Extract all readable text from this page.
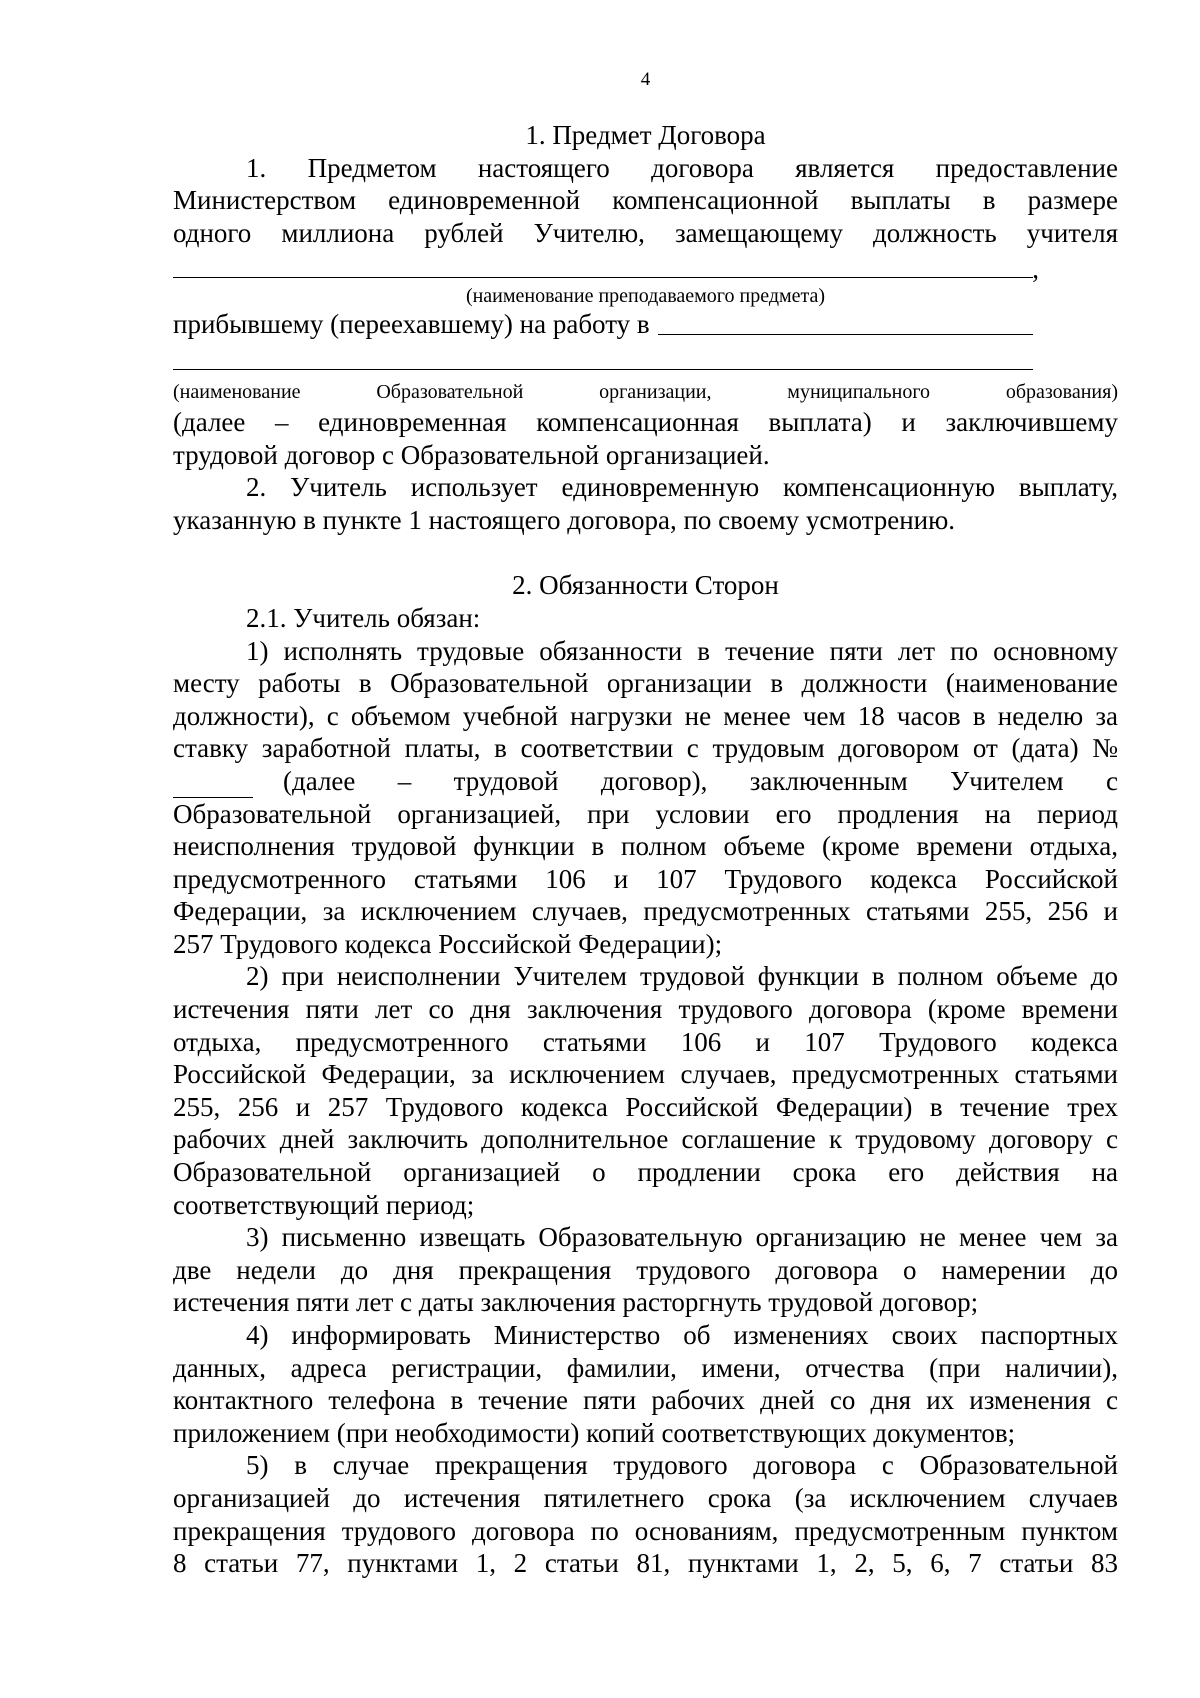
4

1. Предмет Договора

1. Предметом настоящего договора является предоставление

Министерством единовременной компенсационной выплаты в размере

одного миллиона рублей Учителю, замещающему должность учителя

,

(наименование преподаваемого предмета)

прибывшему (переехавшему) на работу в

(наименование Образовательной организации, муниципального образования)

(далее – единовременная компенсационная выплата) и заключившему

трудовой договор с Образовательной организацией.

2. Учитель использует единовременную компенсационную выплату,

указанную в пункте 1 настоящего договора, по своему усмотрению.

2. Обязанности Сторон

2.1. Учитель обязан:

1) исполнять трудовые обязанности в течение пяти лет по основному

месту работы в Образовательной организации в должности (наименование

должности), с объемом учебной нагрузки не менее чем 18 часов в неделю за

ставку заработной платы, в соответствии с трудовым договором от (дата) №

(далее – трудовой договор), заключенным Учителем с

Образовательной организацией, при условии его продления на период

неисполнения трудовой функции в полном объеме (кроме времени отдыха,

предусмотренного статьями 106 и 107 Трудового кодекса Российской

Федерации, за исключением случаев, предусмотренных статьями 255, 256 и

257 Трудового кодекса Российской Федерации);

2) при неисполнении Учителем трудовой функции в полном объеме до

истечения пяти лет со дня заключения трудового договора (кроме времени

отдыха, предусмотренного статьями 106 и 107 Трудового кодекса

Российской Федерации, за исключением случаев, предусмотренных статьями

255, 256 и 257 Трудового кодекса Российской Федерации) в течение трех

рабочих дней заключить дополнительное соглашение к трудовому договору с

Образовательной организацией о продлении срока его действия на

соответствующий период;

3) письменно извещать Образовательную организацию не менее чем за

две недели до дня прекращения трудового договора о намерении до

истечения пяти лет с даты заключения расторгнуть трудовой договор;

4) информировать Министерство об изменениях своих паспортных

данных, адреса регистрации, фамилии, имени, отчества (при наличии),

контактного телефона в течение пяти рабочих дней со дня их изменения с

приложением (при необходимости) копий соответствующих документов;

5) в случае прекращения трудового договора с Образовательной

организацией до истечения пятилетнего срока (за исключением случаев

прекращения трудового договора по основаниям, предусмотренным пунктом

8 статьи 77, пунктами 1, 2 статьи 81, пунктами 1, 2, 5, 6, 7 статьи 83
